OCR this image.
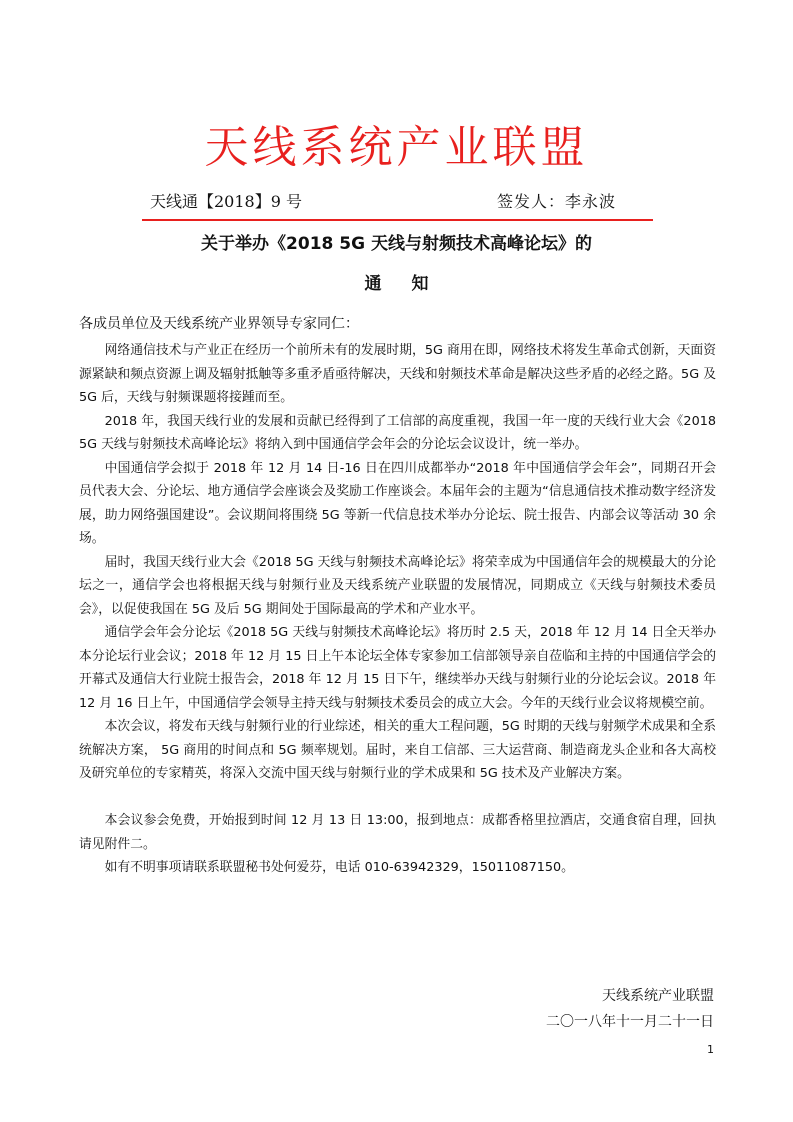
天线系统产业联盟
天线通【2018】9 号	签发人：李永波
关于举办《2018 5G 天线与射频技术高峰论坛》的
通知
各成员单位及天线系统产业界领导专家同仁：

网络通信技术与产业正在经历一个前所未有的发展时期，5G 商用在即，网络技术将发生革命式创新，天面资源紧缺和频点资源上调及辐射抵触等多重矛盾亟待解决，天线和射频技术革命是解决这些矛盾的必经之路。5G 及 5G 后，天线与射频课题将接踵而至。

2018 年，我国天线行业的发展和贡献已经得到了工信部的高度重视，我国一年一度的天线行业大会《2018 5G 天线与射频技术高峰论坛》将纳入到中国通信学会年会的分论坛会议设计，统一举办。

中国通信学会拟于 2018 年 12 月 14 日-16 日在四川成都举办“2018 年中国通信学会年会”，同期召开会员代表大会、分论坛、地方通信学会座谈会及奖励工作座谈会。本届年会的主题为“信息通信技术推动数字经济发展，助力网络强国建设”。会议期间将围绕 5G 等新一代信息技术举办分论坛、院士报告、内部会议等活动 30 余场。

届时，我国天线行业大会《2018 5G 天线与射频技术高峰论坛》将荣幸成为中国通信年会的规模最大的分论坛之一，通信学会也将根据天线与射频行业及天线系统产业联盟的发展情况，同期成立《天线与射频技术委员会》，以促使我国在 5G 及后 5G 期间处于国际最高的学术和产业水平。

通信学会年会分论坛《2018 5G 天线与射频技术高峰论坛》将历时 2.5 天，2018 年 12 月 14 日全天举办本分论坛行业会议；2018 年 12 月 15 日上午本论坛全体专家参加工信部领导亲自莅临和主持的中国通信学会的开幕式及通信大行业院士报告会，2018 年 12 月 15 日下午，继续举办天线与射频行业的分论坛会议。2018 年 12 月 16 日上午，中国通信学会领导主持天线与射频技术委员会的成立大会。今年的天线行业会议将规模空前。

本次会议，将发布天线与射频行业的行业综述，相关的重大工程问题，5G 时期的天线与射频学术成果和全系统解决方案， 5G 商用的时间点和 5G 频率规划。届时，来自工信部、三大运营商、制造商龙头企业和各大高校及研究单位的专家精英，将深入交流中国天线与射频行业的学术成果和 5G 技术及产业解决方案。

本会议参会免费，开始报到时间 12 月 13 日 13:00，报到地点：成都香格里拉酒店，交通食宿自理，回执请见附件二。

如有不明事项请联系联盟秘书处何爱芬，电话 010-63942329，15011087150。

天线系统产业联盟
二〇一八年十一月二十一日
1
